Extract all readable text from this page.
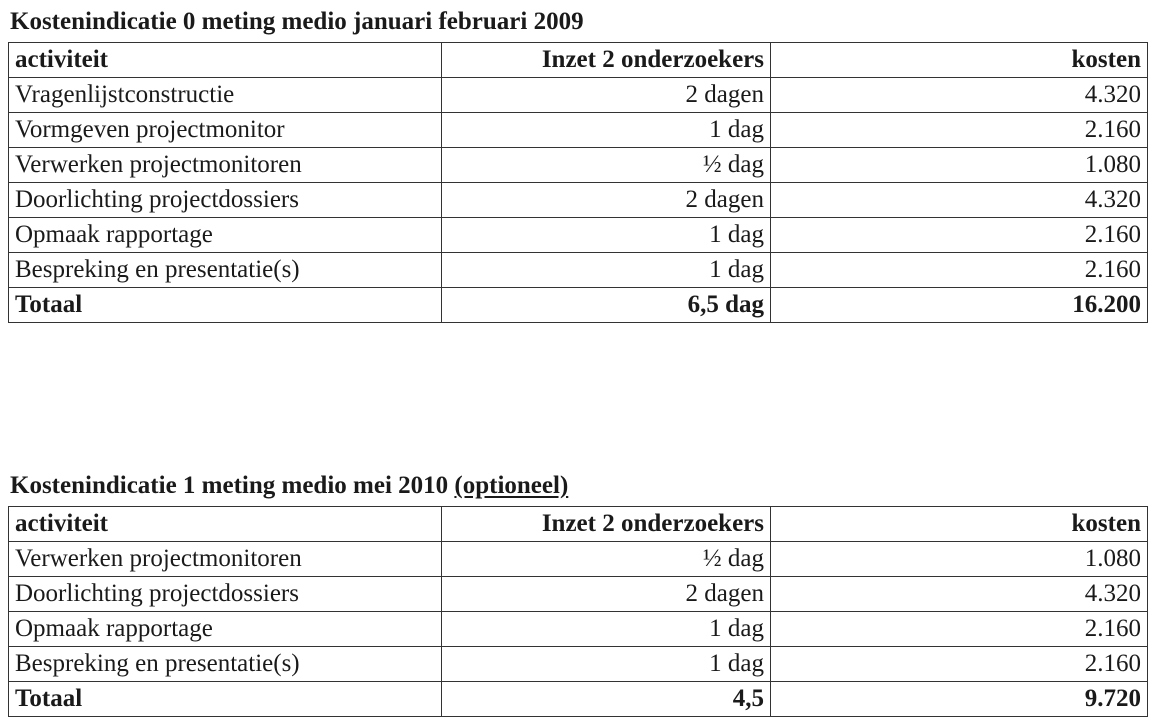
Kostenindicatie 0 meting medio januari februari 2009
activiteit	Inzet 2 onderzoekers	kosten
Vragenlijstconstructie	2 dagen	4.320
Vormgeven projectmonitor	1 dag	2.160
Verwerken projectmonitoren	½ dag	1.080
Doorlichting projectdossiers	2 dagen	4.320
Opmaak rapportage	1 dag	2.160
Bespreking en presentatie(s)	1 dag	2.160
Totaal	6,5 dag	16.200
Kostenindicatie 1 meting medio mei 2010 (optioneel)
activiteit	Inzet 2 onderzoekers	kosten
Verwerken projectmonitoren	½ dag	1.080
Doorlichting projectdossiers	2 dagen	4.320
Opmaak rapportage	1 dag	2.160
Bespreking en presentatie(s)	1 dag	2.160
Totaal	4,5	9.720
